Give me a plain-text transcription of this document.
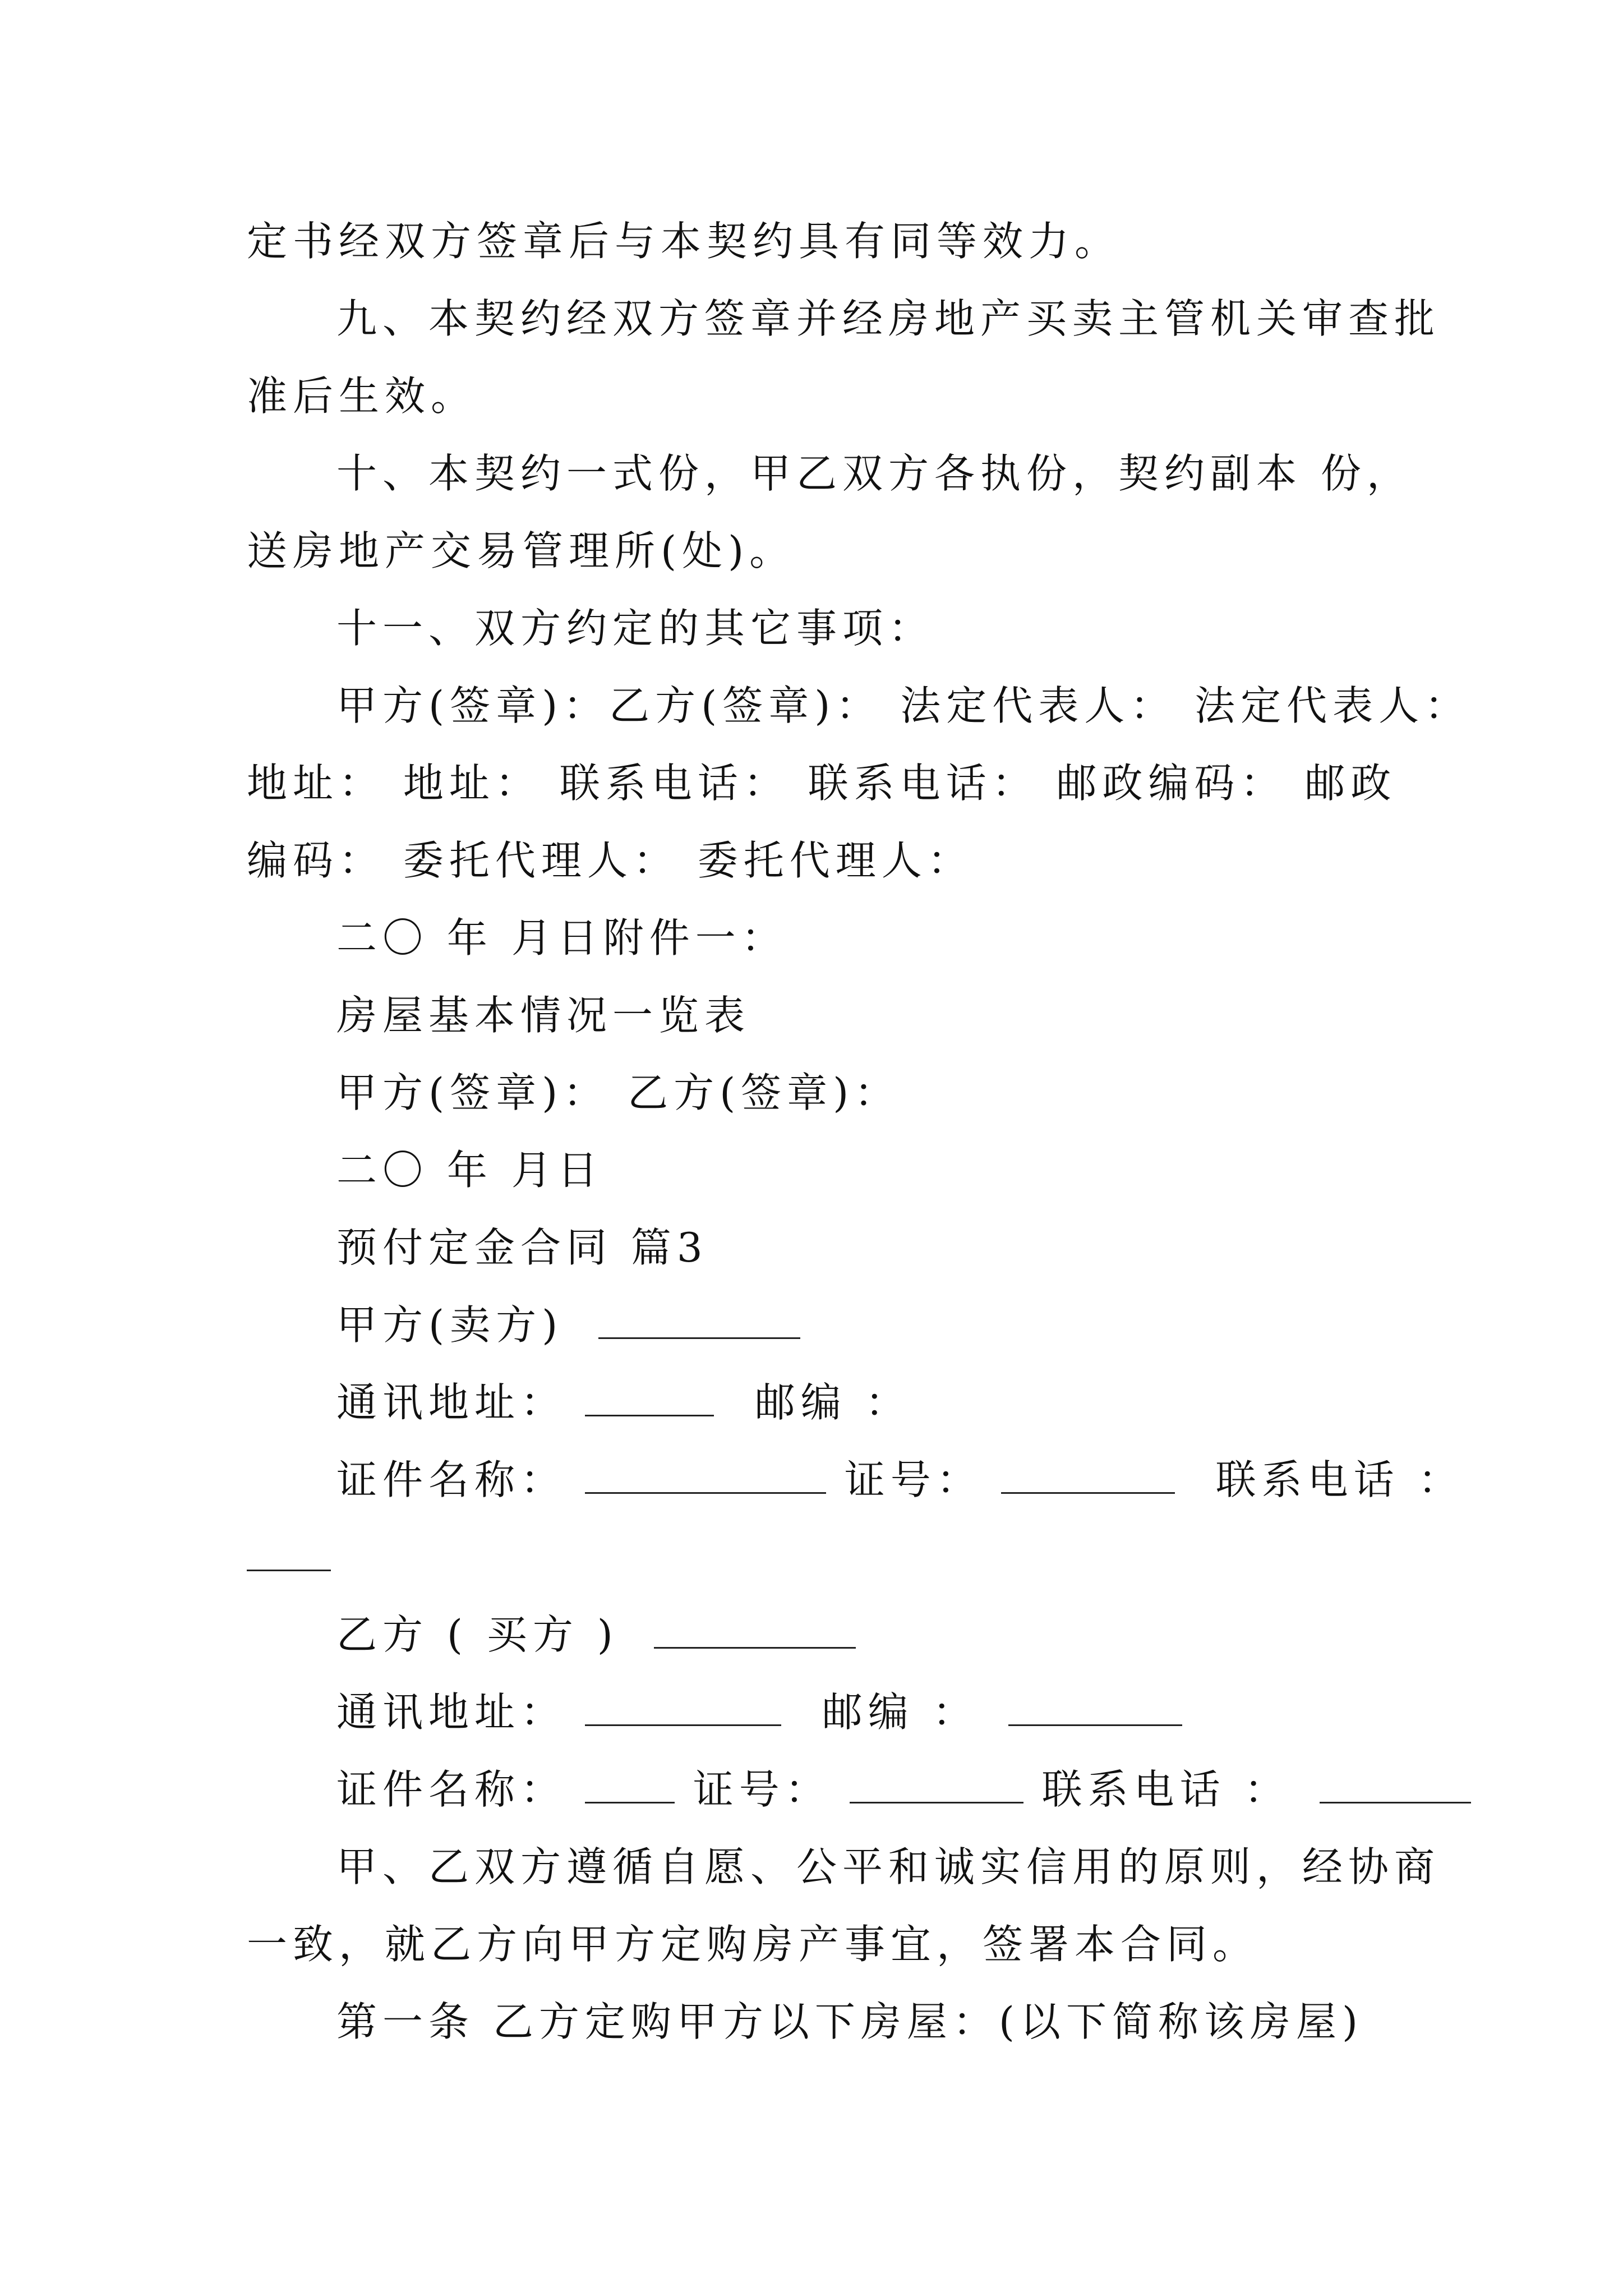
定书经双方签章后与本契约具有同等效力。
九、本契约经双方签章并经房地产买卖主管机关审查批
准后生效。
十、本契约一式份，甲乙双方各执份，契约副本 份，
送房地产交易管理所(处)。
十一、双方约定的其它事项：
甲方(签章)：乙方(签章)： 法定代表人： 法定代表人：
地址： 地址： 联系电话： 联系电话： 邮政编码： 邮政
编码： 委托代理人： 委托代理人：
二〇 年 月日附件一：
房屋基本情况一览表
甲方(签章)： 乙方(签章)：
二〇 年 月日
预付定金合同 篇3
甲方(卖方)
通讯地址：	邮编 ：
证件名称：	证号：	联系电话 ：
乙方 ( 买方 )
通讯地址：	邮编 ：
证件名称：	证号：	联系电话 ：
甲、乙双方遵循自愿、公平和诚实信用的原则，经协商
一致，就乙方向甲方定购房产事宜，签署本合同。
第一条 乙方定购甲方以下房屋：(以下简称该房屋)
